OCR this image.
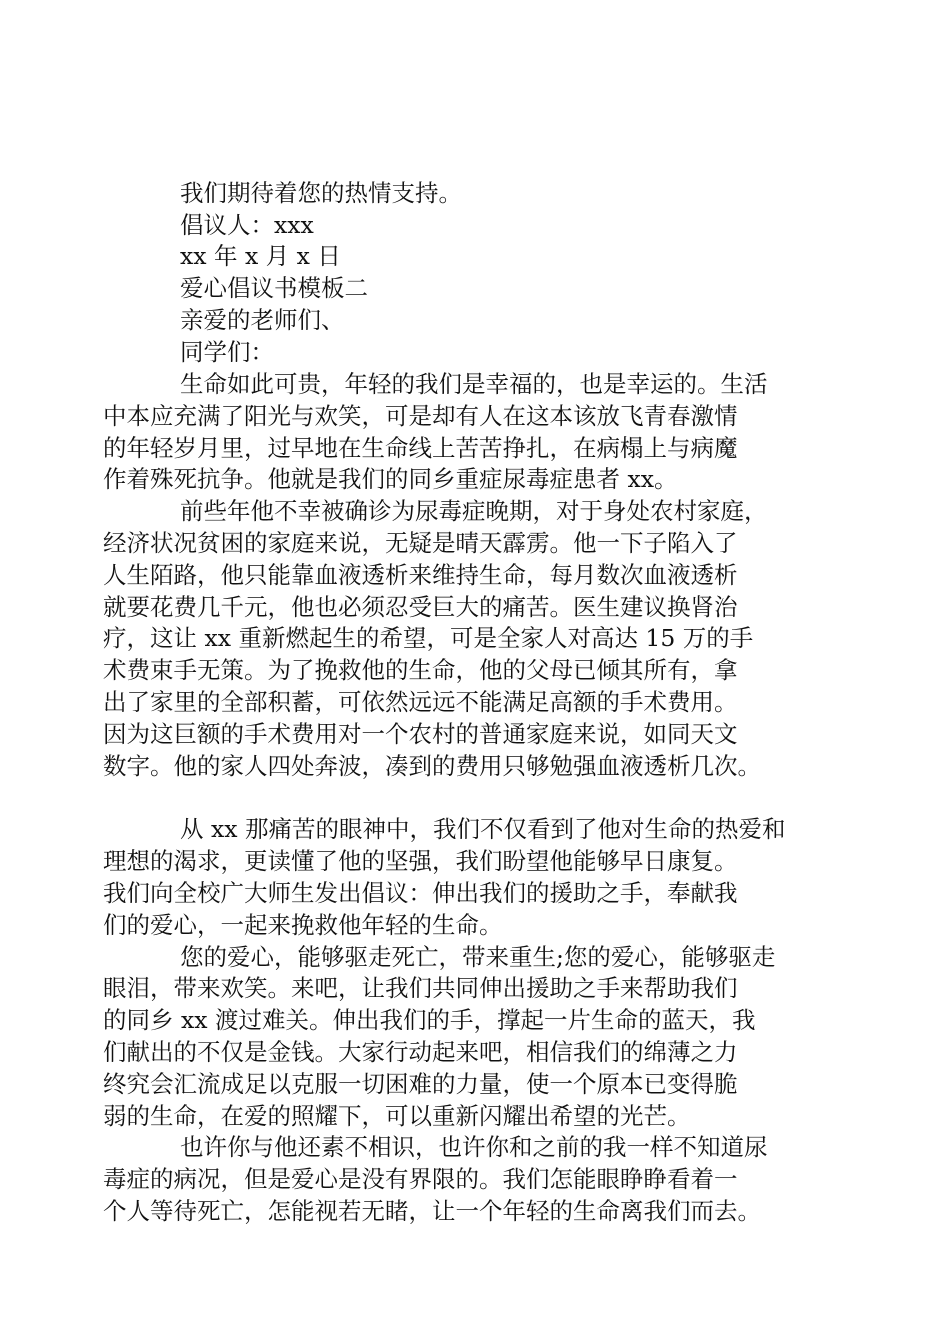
我们期待着您的热情支持。
倡议人：xxx
xx 年 x 月 x 日
爱心倡议书模板二
亲爱的老师们、
同学们：
生命如此可贵，年轻的我们是幸福的，也是幸运的。生活
中本应充满了阳光与欢笑，可是却有人在这本该放飞青春激情
的年轻岁月里，过早地在生命线上苦苦挣扎，在病榻上与病魔
作着殊死抗争。他就是我们的同乡重症尿毒症患者 xx。
前些年他不幸被确诊为尿毒症晚期，对于身处农村家庭，
经济状况贫困的家庭来说，无疑是晴天霹雳。他一下子陷入了
人生陌路，他只能靠血液透析来维持生命，每月数次血液透析
就要花费几千元，他也必须忍受巨大的痛苦。医生建议换肾治
疗，这让 xx 重新燃起生的希望，可是全家人对高达 15 万的手
术费束手无策。为了挽救他的生命，他的父母已倾其所有，拿
出了家里的全部积蓄，可依然远远不能满足高额的手术费用。
因为这巨额的手术费用对一个农村的普通家庭来说，如同天文
数字。他的家人四处奔波，凑到的费用只够勉强血液透析几次。
从 xx 那痛苦的眼神中，我们不仅看到了他对生命的热爱和
理想的渴求，更读懂了他的坚强，我们盼望他能够早日康复。
我们向全校广大师生发出倡议：伸出我们的援助之手，奉献我
们的爱心，一起来挽救他年轻的生命。
您的爱心，能够驱走死亡，带来重生;您的爱心，能够驱走
眼泪，带来欢笑。来吧，让我们共同伸出援助之手来帮助我们
的同乡 xx 渡过难关。伸出我们的手，撑起一片生命的蓝天，我
们献出的不仅是金钱。大家行动起来吧，相信我们的绵薄之力
终究会汇流成足以克服一切困难的力量，使一个原本已变得脆
弱的生命，在爱的照耀下，可以重新闪耀出希望的光芒。
也许你与他还素不相识，也许你和之前的我一样不知道尿
毒症的病况，但是爱心是没有界限的。我们怎能眼睁睁看着一
个人等待死亡，怎能视若无睹，让一个年轻的生命离我们而去。
